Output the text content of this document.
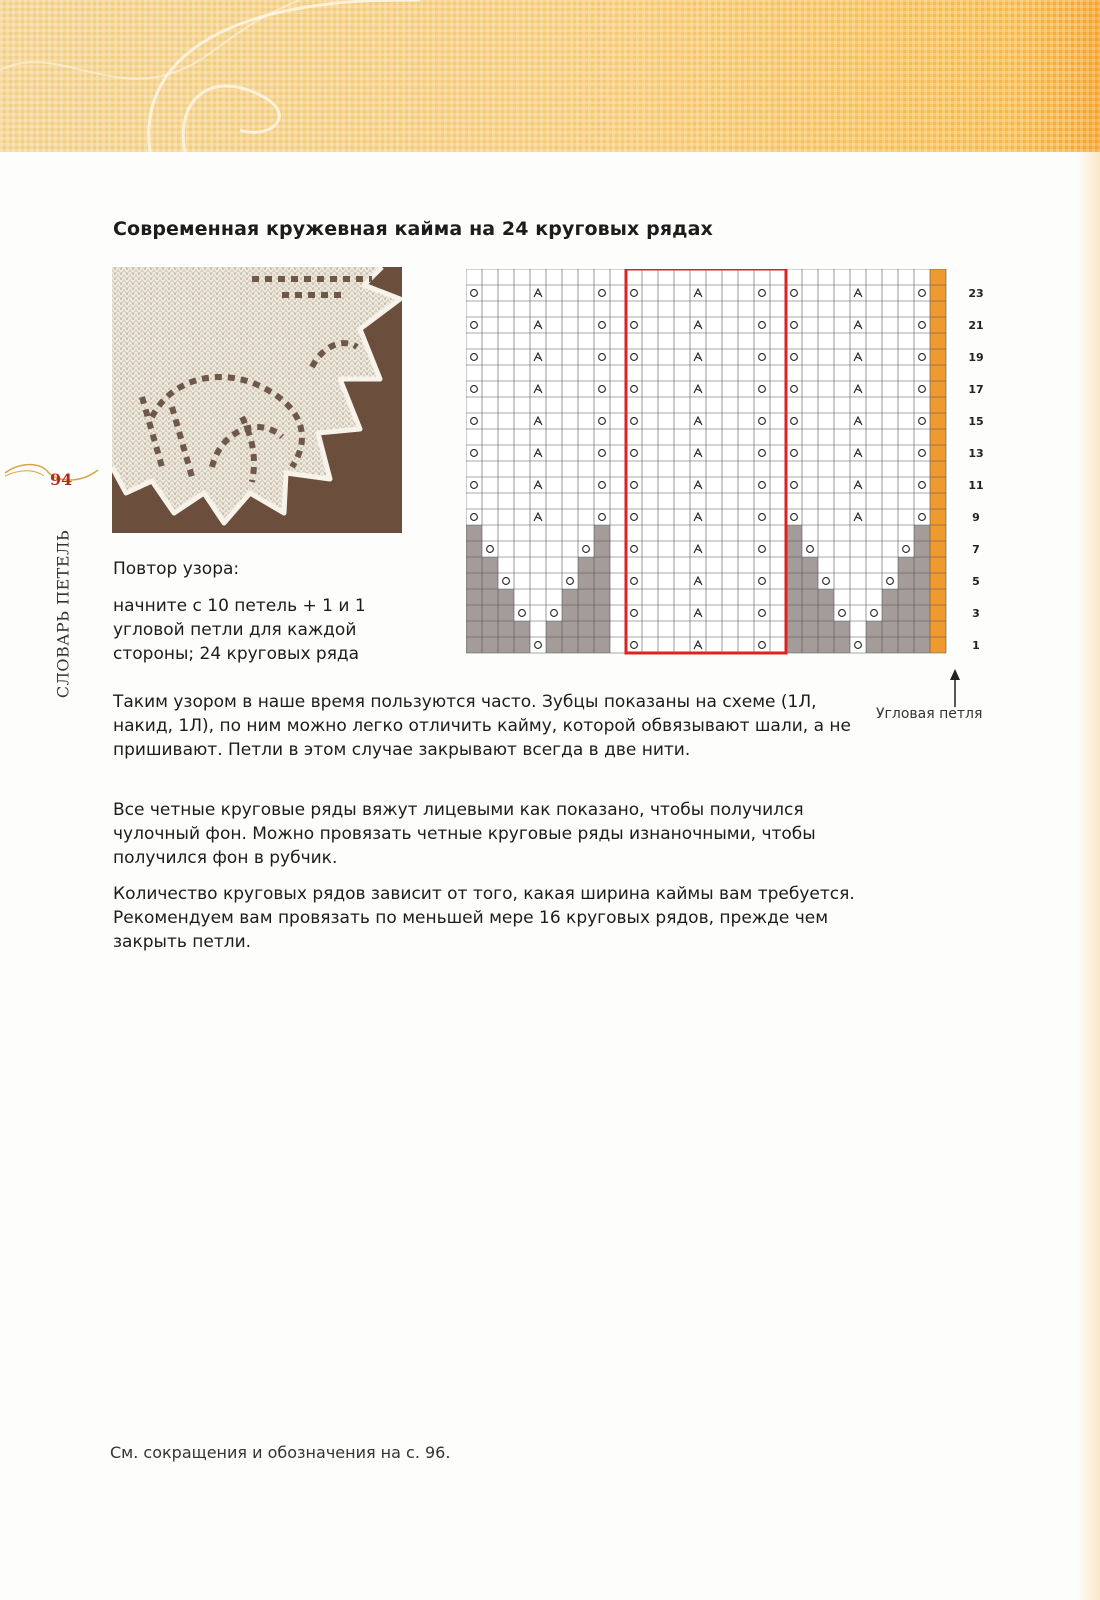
Современная кружевная кайма на 24 круговых рядах
94
СЛОВАРЬ ПЕТЕЛЬ Повтор узора:
начните с 10 петель + 1 и 1 угловой петли для каждой стороны; 24 круговых ряда
23
21
19
17
15
13
11
9
7
5
3
1
Угловая петля

Таким узором в наше время пользуются часто. Зубцы показаны на схеме (1Л, накид, 1Л), по ним можно легко отличить кайму, которой обвязывают шали, а не пришивают. Петли в этом случае закрывают всегда в две нити.

Все четные круговые ряды вяжут лицевыми как показано, чтобы получился чулочный фон. Можно провязать четные круговые ряды изнаночными, чтобы получился фон в рубчик.

Количество круговых рядов зависит от того, какая ширина каймы вам требуется. Рекомендуем вам провязать по меньшей мере 16 круговых рядов, прежде чем закрыть петли.

См. сокращения и обозначения на с. 96.
